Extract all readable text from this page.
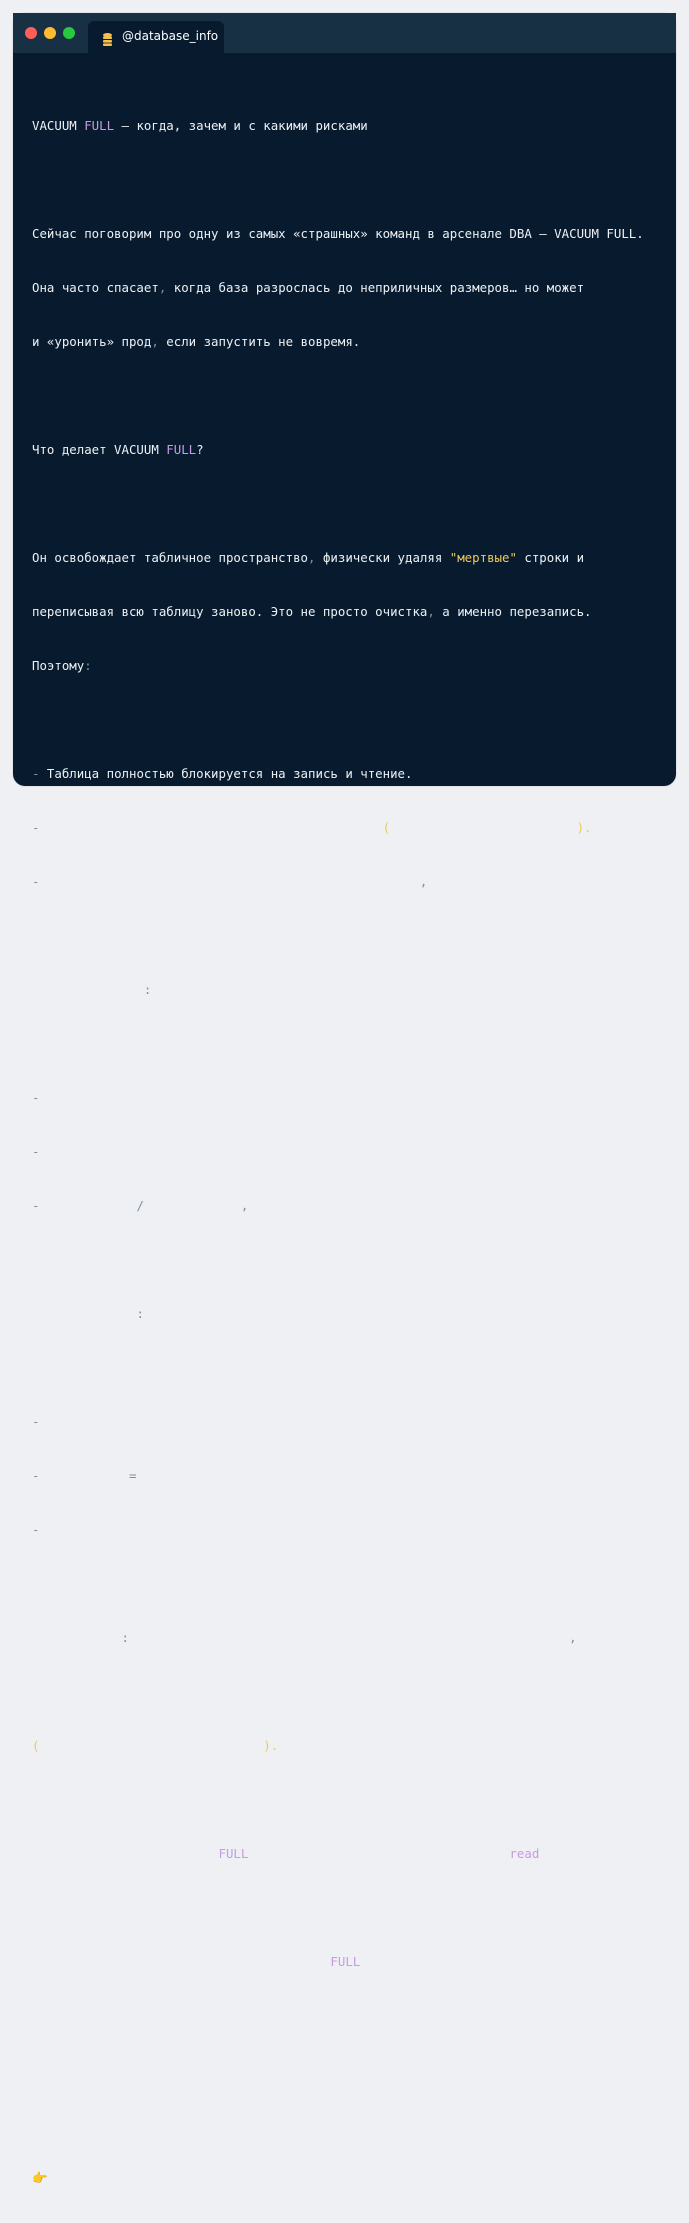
@database_info

VACUUM FULL — когда, зачем и с какими рисками

Сейчас поговорим про одну из самых «страшных» команд в арсенале DBA — VACUUM FULL.

Она часто спасает, когда база разрослась до неприличных размеров… но может

и «уронить» прод, если запустить не вовремя.

Что делает VACUUM FULL?

Он освобождает табличное пространство, физически удаляя "мертвые" строки и

переписывая всю таблицу заново. Это не просто очистка, а именно перезапись.

Поэтому:

- Таблица полностью блокируется на запись и чтение.

- Используется временное дисковое пространство (вплоть до размера таблицы).

- Может существенно сократить размер базы — особенно, если давно не было очистки.

Когда применять:

- После массового удаления данных.

- Когда обычный VACUUM не помогает уменьшить размер базы.

- При миграции/переезде базы, чтобы максимально уменьшить backup.

Чего опасаться:

- На больших таблицах — это может занять часы.

- Блокировки = пользователи «висят».

- Нужно много свободного места на диске.

Альтернатива: если задача — просто освободить место и база под нагрузкой,

рассмотрите pg_repack. Он позволяет делать реорганизацию без блокировок

(но требует отдельной установки).

Лично я использую VACUUM FULL только в окне обслуживания или на read replica.

А вы? Когда последний раз делали VACUUM FULL?

#db

👉 @database_info
